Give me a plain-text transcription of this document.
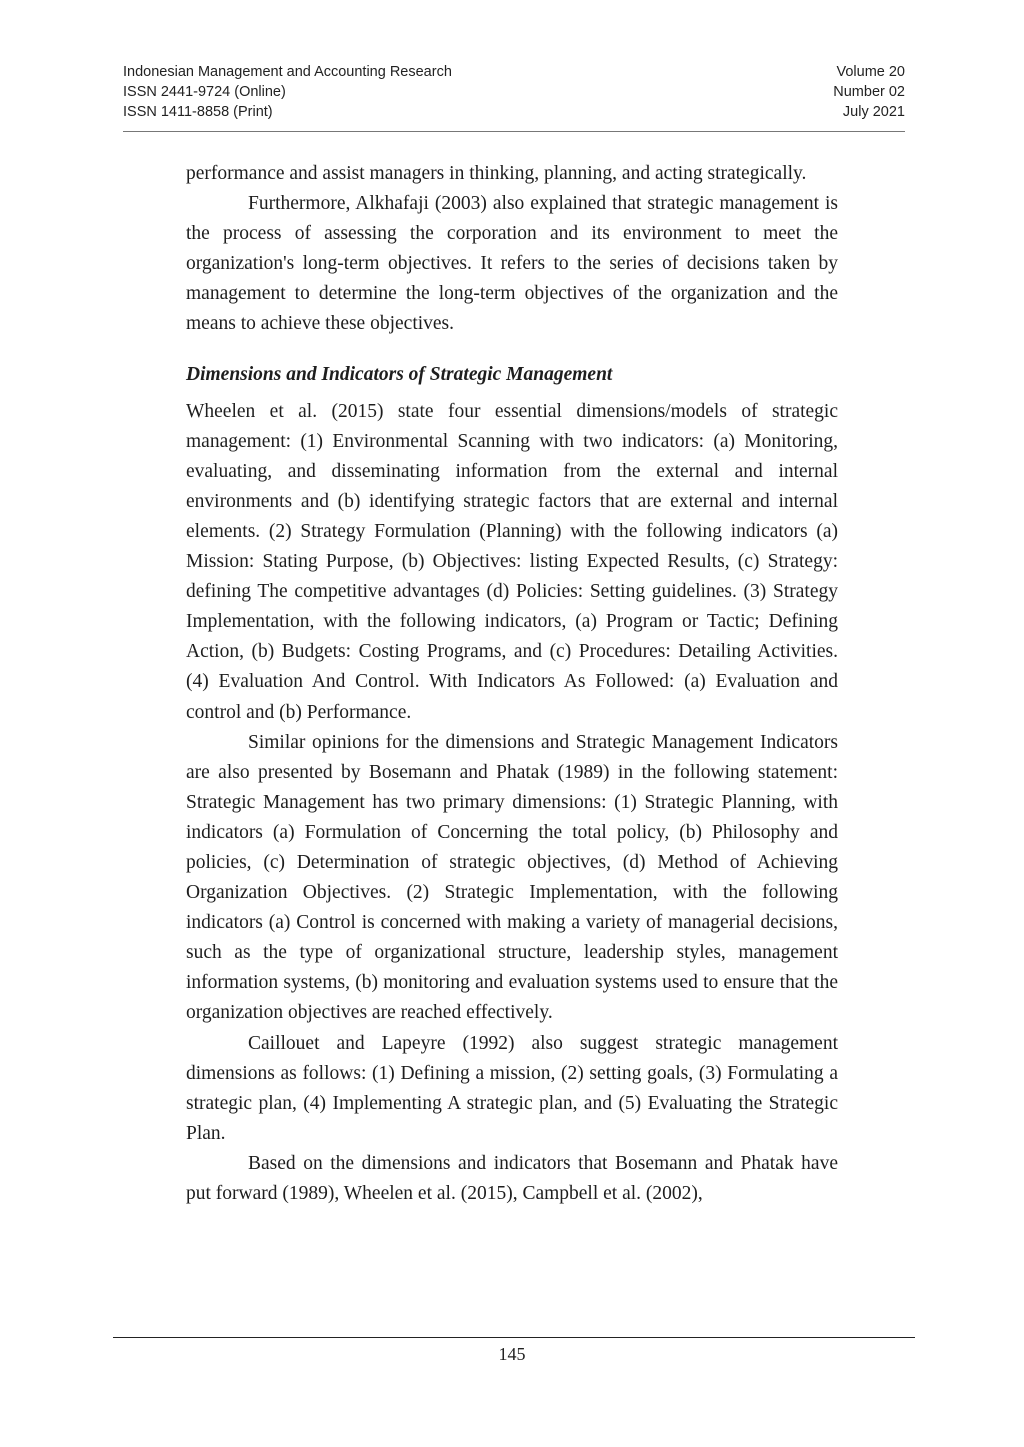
Indonesian Management and Accounting Research
ISSN 2441-9724 (Online)
ISSN 1411-8858 (Print)
Volume 20
Number 02
July 2021

performance and assist managers in thinking, planning, and acting strategically.

Furthermore, Alkhafaji (2003) also explained that strategic management is the process of assessing the corporation and its environment to meet the organization's long-term objectives. It refers to the series of decisions taken by management to determine the long-term objectives of the organization and the means to achieve these objectives.

Dimensions and Indicators of Strategic Management

Wheelen et al. (2015) state four essential dimensions/models of strategic management: (1) Environmental Scanning with two indicators: (a) Monitoring, evaluating, and disseminating information from the external and internal environments and (b) identifying strategic factors that are external and internal elements. (2) Strategy Formulation (Planning) with the following indicators (a) Mission: Stating Purpose, (b) Objectives: listing Expected Results, (c) Strategy: defining The competitive advantages (d) Policies: Setting guidelines. (3) Strategy Implementation, with the following indicators, (a) Program or Tactic; Defining Action, (b) Budgets: Costing Programs, and (c) Procedures: Detailing Activities. (4) Evaluation And Control. With Indicators As Followed: (a) Evaluation and control and (b) Performance.

Similar opinions for the dimensions and Strategic Management Indicators are also presented by Bosemann and Phatak (1989) in the following statement: Strategic Management has two primary dimensions: (1) Strategic Planning, with indicators (a) Formulation of Concerning the total policy, (b) Philosophy and policies, (c) Determination of strategic objectives, (d) Method of Achieving Organization Objectives. (2) Strategic Implementation, with the following indicators (a) Control is concerned with making a variety of managerial decisions, such as the type of organizational structure, leadership styles, management information systems, (b) monitoring and evaluation systems used to ensure that the organization objectives are reached effectively.

Caillouet and Lapeyre (1992) also suggest strategic management dimensions as follows: (1) Defining a mission, (2) setting goals, (3) Formulating a strategic plan, (4) Implementing A strategic plan, and (5) Evaluating the Strategic Plan.

Based on the dimensions and indicators that Bosemann and Phatak have put forward (1989), Wheelen et al. (2015), Campbell et al. (2002),

145
